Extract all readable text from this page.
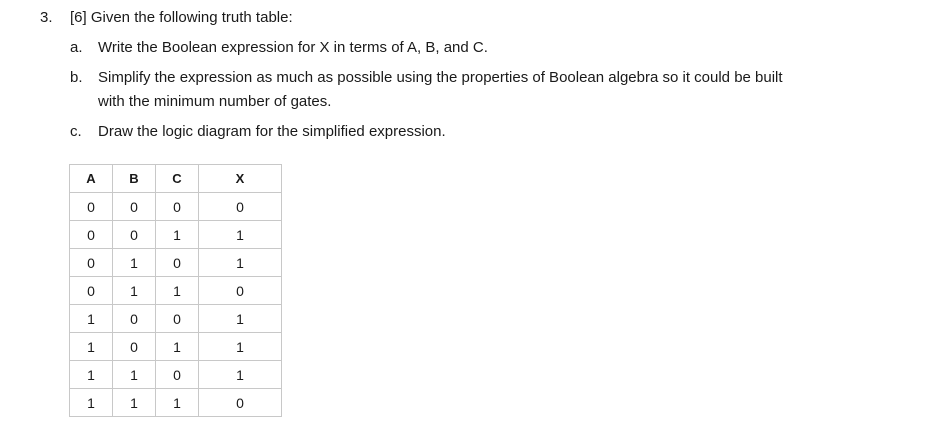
3. [6] Given the following truth table:
a. Write the Boolean expression for X in terms of A, B, and C.
b. Simplify the expression as much as possible using the properties of Boolean algebra so it could be built
with the minimum number of gates.
c. Draw the logic diagram for the simplified expression.
A	B	C	X
0	0	0	0
0	0	1	1
0	1	0	1
0	1	1	0
1	0	0	1
1	0	1	1
1	1	0	1
1	1	1	0
